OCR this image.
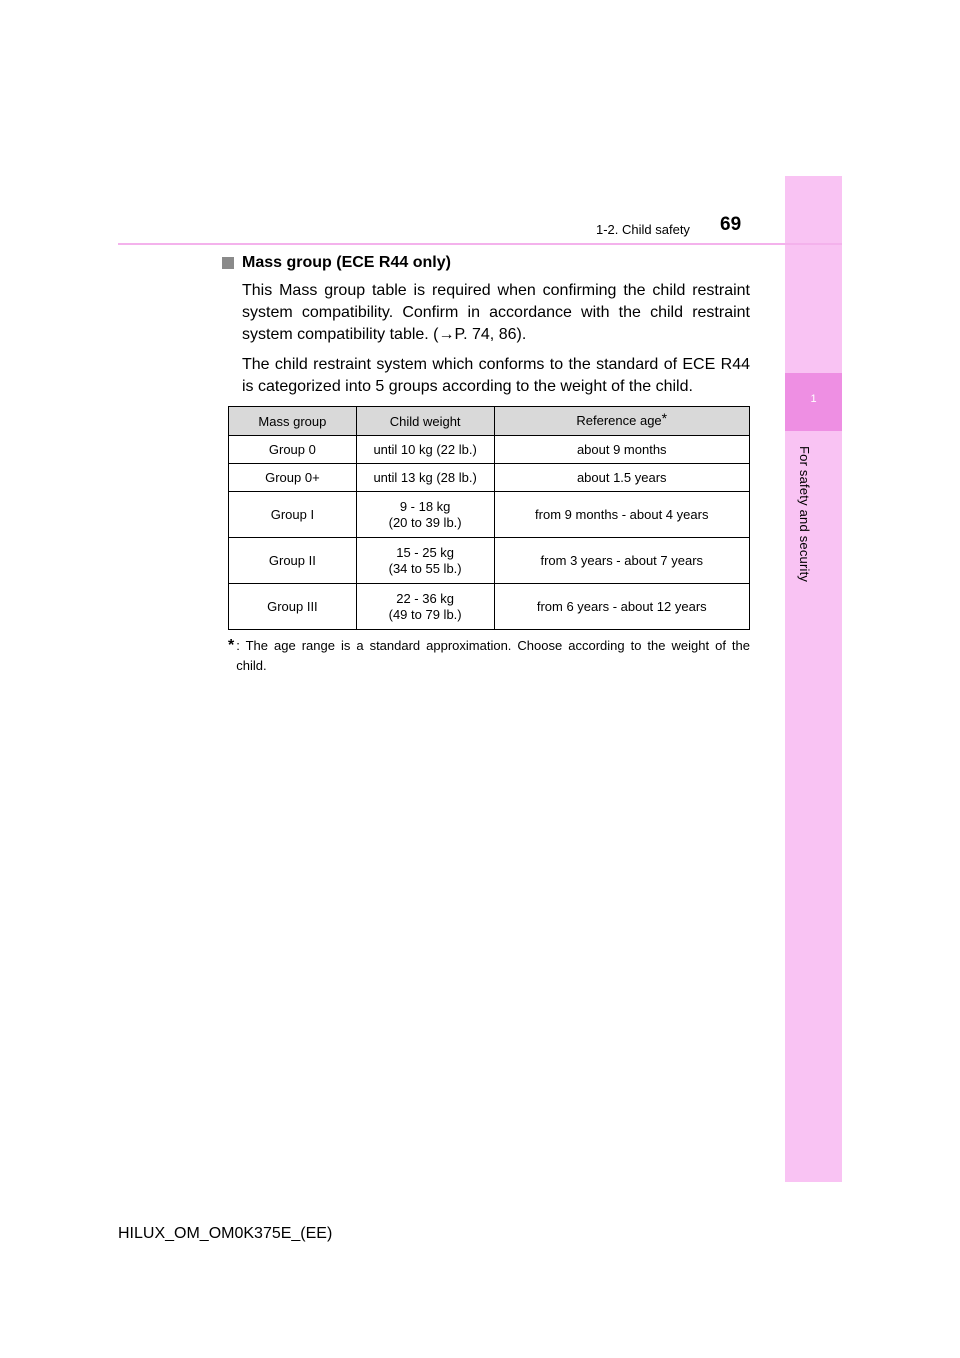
1
For safety and security
1-2. Child safety 69
Mass group (ECE R44 only)

This Mass group table is required when confirming the child restraint system compatibility. Confirm in accordance with the child restraint system compatibility table. (→P. 74, 86).

The child restraint system which conforms to the standard of ECE R44 is categorized into 5 groups according to the weight of the child.

Mass group	Child weight	Reference age*
Group 0	until 10 kg (22 lb.)	about 9 months
Group 0+	until 13 kg (28 lb.)	about 1.5 years
Group I	9 - 18 kg
(20 to 39 lb.)	from 9 months - about 4 years
Group II	15 - 25 kg
(34 to 55 lb.)	from 3 years - about 7 years
Group III	22 - 36 kg
(49 to 79 lb.)	from 6 years - about 12 years
* : The age range is a standard approximation. Choose according to the weight of the child.
HILUX_OM_OM0K375E_(EE)
